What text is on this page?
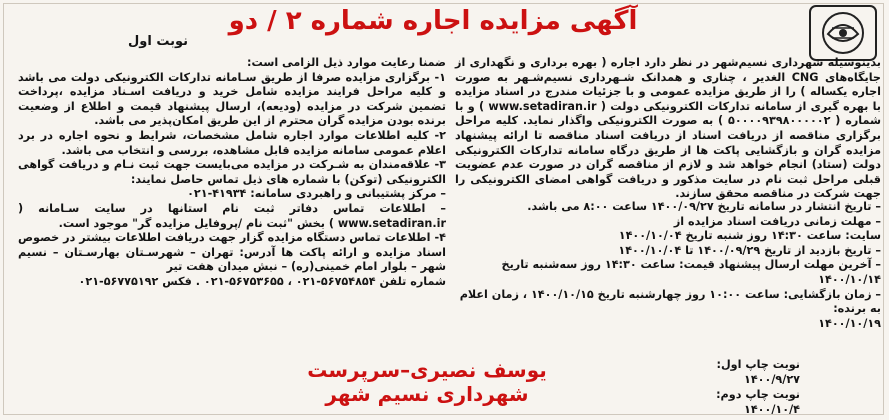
نوبت اول
آگهی مزایده اجاره شماره ۲ / دو

بدینوسیله شهرداری نسیم‌شهر در نظر دارد اجاره ( بهره برداری و نگهداری از جایگاه‌های CNG الغدیر ، چناری و همدانک شـهرداری نسیم‌شـهر به صورت اجاره یکساله ) را از طریق مزایده عمومی و با جزئیات مندرج در اسناد مزایده با بهره گیری از سامانه تدارکات الکترونیکی دولت ( www.setadiran.ir ) و با شماره ( ۵۰۰۰۰۹۳۹۸۰۰۰۰۰۲ ) به صورت الکترونیکی واگذار نماید. کلیه مراحل برگزاری مناقصه از دریافت اسناد از دریافت اسناد مناقصه تا ارائه پیشنهاد مزایده گران و بازگشایی پاکت ها از طریق درگاه سامانه تدارکات الکترونیکی دولت (ستاد) انجام خواهد شد و لازم از مناقصه گران در صورت عدم عضویت قبلی مراحل ثبت نام در سایت مذکور و دریافت گواهی امضای الکترونیکی را جهت شرکت در مناقصه محقق سازند.

– تاریخ انتشار در سامانه تاریخ ۱۴۰۰/۰۹/۲۷ ساعت ۸:۰۰ می باشد.

– مهلت زمانی دریافت اسناد مزایده از

سایت: ساعت ۱۴:۳۰ روز شنبه تاریخ ۱۴۰۰/۱۰/۰۴

– تاریخ بازدید از تاریخ ۱۴۰۰/۰۹/۲۹ تا ۱۴۰۰/۱۰/۰۴

– آخرین مهلت ارسال پیشنهاد قیمت: ساعت ۱۴:۳۰ روز سه‌شنبه تاریخ ۱۴۰۰/۱۰/۱۴

– زمان بازگشایی: ساعت ۱۰:۰۰ روز چهارشنبه تاریخ ۱۴۰۰/۱۰/۱۵ ، زمان اعلام به برنده:

۱۴۰۰/۱۰/۱۹

ضمنا رعایت موارد ذیل الزامی است:

۱- برگزاری مزایده صرفا از طریق سـامانه تدارکات الکترونیکی دولت می باشد و کلیه مراحل فرایند مزایده شامل خرید و دریافت اسـناد مزایده ،پرداخت تضمین شرکت در مزایده (ودیعه)، ارسال پیشنهاد قیمت و اطلاع از وضعیت برنده بودن مزایده گران محترم از این طریق امکان‌پذیر می باشد.

۲- کلیه اطلاعات موارد اجاره شامل مشخصات، شرایط و نحوه اجاره در برد اعلام عمومی سامانه مزایده قابل مشاهده، بررسی و انتخاب می باشد.

۳- علاقه‌مندان به شـرکت در مزایده می‌بایست جهت ثبت نـام و دریافت گواهی الکترونیکی (توکن) با شماره های ذیل تماس حاصل نمایند:

– مرکز پشتیبانی و راهبردی سامانه: ۴۱۹۳۴-۰۲۱

– اطلاعات تماس دفاتر ثبت نام استانها در سایت سـامانه ( www.setadiran.ir ) بخش "ثبت نام /پروفایل مزایده گر" موجود است.

۴- اطلاعات تماس دستگاه مزایده گزار جهت دریافت اطلاعات بیشتر در خصوص اسناد مزایده و ارائه پاکت ها آدرس: تهران – شهرسـتان بهارسـتان – نسیم شهر – بلوار امام خمینی(ره) – نبش میدان هفت تیر

شماره تلفن ۵۶۷۵۴۸۵۴-۰۲۱ ، ۵۶۷۵۳۶۵۵-۰۲۱ . فکس ۵۶۷۷۵۱۹۲-۰۲۱

یوسف نصیری–سرپرست شهرداری نسیم شهر

نوبت چاپ اول: ۱۴۰۰/۹/۲۷

نوبت چاپ دوم: ۱۴۰۰/۱۰/۴
